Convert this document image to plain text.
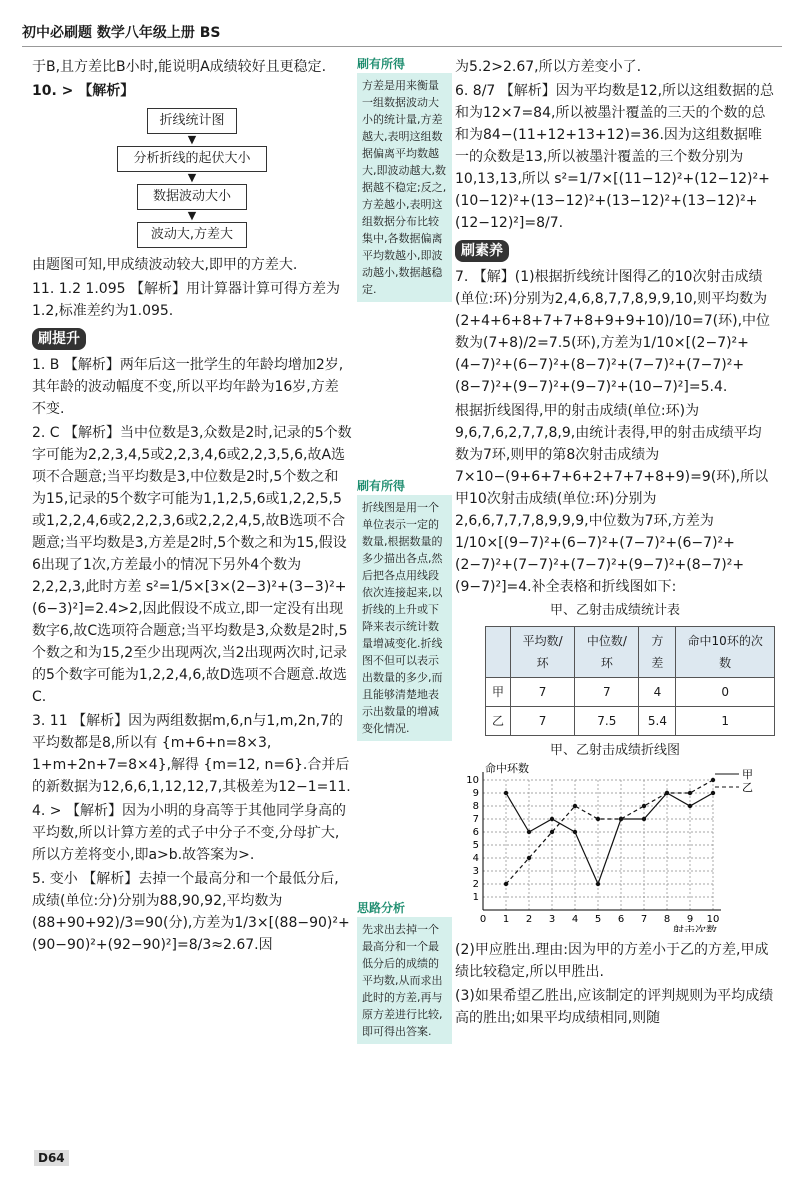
初中必刷题 数学八年级上册 BS

于B,且方差比B小时,能说明A成绩较好且更稳定.

10. > 【解析】

折线统计图
▼
分析折线的起伏大小
▼
数据波动大小
▼
波动大,方差大

由题图可知,甲成绩波动较大,即甲的方差大.

11. 1.2 1.095 【解析】用计算器计算可得方差为1.2,标准差约为1.095.

刷提升

1. B 【解析】两年后这一批学生的年龄均增加2岁,其年龄的波动幅度不变,所以平均年龄为16岁,方差不变.

2. C 【解析】当中位数是3,众数是2时,记录的5个数字可能为2,2,3,4,5或2,2,3,4,6或2,2,3,5,6,故A选项不合题意;当平均数是3,中位数是2时,5个数之和为15,记录的5个数字可能为1,1,2,5,6或1,2,2,5,5或1,2,2,4,6或2,2,2,3,6或2,2,2,4,5,故B选项不合题意;当平均数是3,方差是2时,5个数之和为15,假设6出现了1次,方差最小的情况下另外4个数为2,2,2,3,此时方差 s²=1/5×[3×(2−3)²+(3−3)²+(6−3)²]=2.4>2,因此假设不成立,即一定没有出现数字6,故C选项符合题意;当平均数是3,众数是2时,5个数之和为15,2至少出现两次,当2出现两次时,记录的5个数字可能为1,2,2,4,6,故D选项不合题意.故选C.

3. 11 【解析】因为两组数据m,6,n与1,m,2n,7的平均数都是8,所以有 {m+6+n=8×3, 1+m+2n+7=8×4},解得 {m=12, n=6}.合并后的新数据为12,6,6,1,12,12,7,其极差为12−1=11.

4. > 【解析】因为小明的身高等于其他同学身高的平均数,所以计算方差的式子中分子不变,分母扩大,所以方差将变小,即a>b.故答案为>.

5. 变小 【解析】去掉一个最高分和一个最低分后,成绩(单位:分)分别为88,90,92,平均数为(88+90+92)/3=90(分),方差为1/3×[(88−90)²+(90−90)²+(92−90)²]=8/3≈2.67.因

刷有所得
方差是用来衡量一组数据波动大小的统计量,方差越大,表明这组数据偏离平均数越大,即波动越大,数据越不稳定;反之,方差越小,表明这组数据分布比较集中,各数据偏离平均数越小,即波动越小,数据越稳定.
刷有所得
折线图是用一个单位表示一定的数量,根据数量的多少描出各点,然后把各点用线段依次连接起来,以折线的上升或下降来表示统计数量增减变化.折线图不但可以表示出数量的多少,而且能够清楚地表示出数量的增减变化情况.
思路分析
先求出去掉一个最高分和一个最低分后的成绩的平均数,从而求出此时的方差,再与原方差进行比较,即可得出答案.

为5.2>2.67,所以方差变小了.

6. 8/7 【解析】因为平均数是12,所以这组数据的总和为12×7=84,所以被墨汁覆盖的三天的个数的总和为84−(11+12+13+12)=36.因为这组数据唯一的众数是13,所以被墨汁覆盖的三个数分别为10,13,13,所以 s²=1/7×[(11−12)²+(12−12)²+(10−12)²+(13−12)²+(13−12)²+(13−12)²+(12−12)²]=8/7.

刷素养

7. 【解】(1)根据折线统计图得乙的10次射击成绩(单位:环)分别为2,4,6,8,7,7,8,9,9,10,则平均数为(2+4+6+8+7+7+8+9+9+10)/10=7(环),中位数为(7+8)/2=7.5(环),方差为1/10×[(2−7)²+(4−7)²+(6−7)²+(8−7)²+(7−7)²+(7−7)²+(8−7)²+(9−7)²+(9−7)²+(10−7)²]=5.4.

根据折线图得,甲的射击成绩(单位:环)为9,6,7,6,2,7,7,8,9,由统计表得,甲的射击成绩平均数为7环,则甲的第8次射击成绩为7×10−(9+6+7+6+2+7+7+8+9)=9(环),所以甲10次射击成绩(单位:环)分别为2,6,6,7,7,7,8,9,9,9,中位数为7环,方差为 1/10×[(9−7)²+(6−7)²+(7−7)²+(6−7)²+(2−7)²+(7−7)²+(7−7)²+(9−7)²+(8−7)²+(9−7)²]=4.补全表格和折线图如下:

甲、乙射击成绩统计表
	平均数/环	中位数/环	方差	命中10环的次数
甲	7	7	4	0
乙	7	7.5	5.4	1
甲、乙射击成绩折线图
0 1 2 3 4 5 6 7 8 9 10
1
2
3
4
5
6
7
8
9
10
命中环数
射击次数
甲
乙

(2)甲应胜出.理由:因为甲的方差小于乙的方差,甲成绩比较稳定,所以甲胜出.

(3)如果希望乙胜出,应该制定的评判规则为平均成绩高的胜出;如果平均成绩相同,则随

D64
